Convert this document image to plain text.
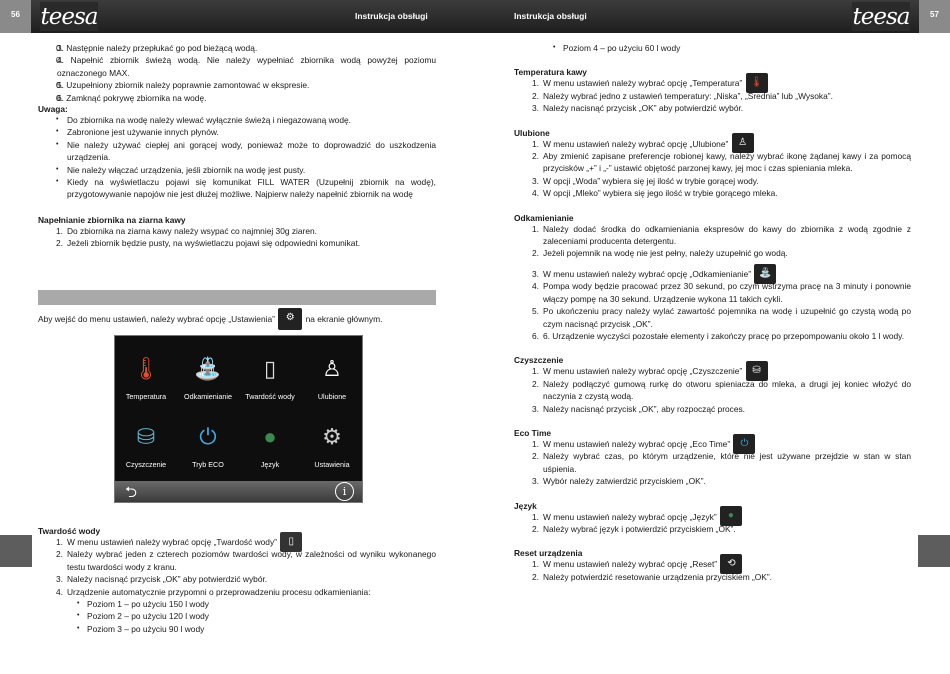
56	57
teesa	teesa
Instrukcja obsługi	Instrukcja obsługi
3. Następnie należy przepłukać go pod bieżącą wodą.
4. Napełnić zbiornik świeżą wodą. Nie należy wypełniać zbiornika wodą powyżej poziomu oznaczonego MAX.
5. Uzupełniony zbiornik należy poprawnie zamontować w ekspresie.
6. Zamknąć pokrywę zbiornika na wodę.

Uwaga:

• Do zbiornika na wodę należy wlewać wyłącznie świeżą i niegazowaną wodę.
• Zabronione jest używanie innych płynów.
• Nie należy używać ciepłej ani gorącej wody, ponieważ może to doprowadzić do uszkodzenia urządzenia.
• Nie należy włączać urządzenia, jeśli zbiornik na wodę jest pusty.
• Kiedy na wyświetlaczu pojawi się komunikat FILL WATER (Uzupełnij zbiornik na wodę), przygotowywanie napojów nie jest dłużej możliwe. Najpierw należy napełnić zbiornik na wodę

Napełnianie zbiornika na ziarna kawy

Do zbiornika na ziarna kawy należy wsypać co najmniej 30g ziaren.
Jeżeli zbiornik będzie pusty, na wyświetlaczu pojawi się odpowiedni komunikat.
Aby wejść do menu ustawień, należy wybrać opcję „Ustawienia” ⚙ na ekranie głównym.
🌡
Temperatura
⛲
Odkamienianie
▯
Twardość wody
♙
Ulubione
⛁
Czyszczenie
⏻
Tryb ECO
●
Język
⚙
Ustawienia
⮌	i

Twardość wody

W menu ustawień należy wybrać opcję „Twardość wody” ▯
Należy wybrać jeden z czterech poziomów twardości wody, w zależności od wyniku wykonanego testu twardości wody z kranu.
Należy nacisnąć przycisk „OK” aby potwierdzić wybór.
Urządzenie automatycznie przypomni o przeprowadzeniu procesu odkamieniania:
• Poziom 1 – po użyciu 150 l wody
• Poziom 2 – po użyciu 120 l wody
• Poziom 3 – po użyciu 90 l wody
• Poziom 4 – po użyciu 60 l wody

Temperatura kawy

W menu ustawień należy wybrać opcję „Temperatura” 🌡
Należy wybrać jedno z ustawień temperatury: „Niska”, „Średnia” lub „Wysoka”.
Należy nacisnąć przycisk „OK” aby potwierdzić wybór.

Ulubione

W menu ustawień należy wybrać opcję „Ulubione” ♙
Aby zmienić zapisane preferencje robionej kawy, należy wybrać ikonę żądanej kawy i za pomocą przycisków „+” i „-” ustawić objętość parzonej kawy, jej moc i czas spieniania mleka.
W opcji „Woda” wybiera się jej ilość w trybie gorącej wody.
W opcji „Mleko” wybiera się jego ilość w trybie gorącego mleka.

Odkamienianie

Należy dodać środka do odkamieniania ekspresów do kawy do zbiornika z wodą zgodnie z zaleceniami producenta detergentu.
Jeżeli pojemnik na wodę nie jest pełny, należy uzupełnić go wodą.
W menu ustawień należy wybrać opcję „Odkamienianie” ⛲
Pompa wody będzie pracować przez 30 sekund, po czym wstrzyma pracę na 3 minuty i ponownie włączy pompę na 30 sekund. Urządzenie wykona 11 takich cykli.
Po ukończeniu pracy należy wylać zawartość pojemnika na wodę i uzupełnić go czystą wodą po czym nacisnąć przycisk „OK”.
6. Urządzenie wyczyści pozostałe elementy i zakończy pracę po przepompowaniu około 1 l wody.

Czyszczenie

W menu ustawień należy wybrać opcję „Czyszczenie” ⛁
Należy podłączyć gumową rurkę do otworu spieniacza do mleka, a drugi jej koniec włożyć do naczynia z czystą wodą.
Należy nacisnąć przycisk „OK”, aby rozpocząć proces.

Eco Time

W menu ustawień należy wybrać opcję „Eco Time” ⏻
Należy wybrać czas, po którym urządzenie, które nie jest używane przejdzie w stan w stan uśpienia.
Wybór należy zatwierdzić przyciskiem „OK”.

Język

W menu ustawień należy wybrać opcję „Język” ●
Należy wybrać język i potwierdzić przyciskiem „OK”.

Reset urządzenia

W menu ustawień należy wybrać opcję „Reset” ⟲
Należy potwierdzić resetowanie urządzenia przyciskiem „OK”.
